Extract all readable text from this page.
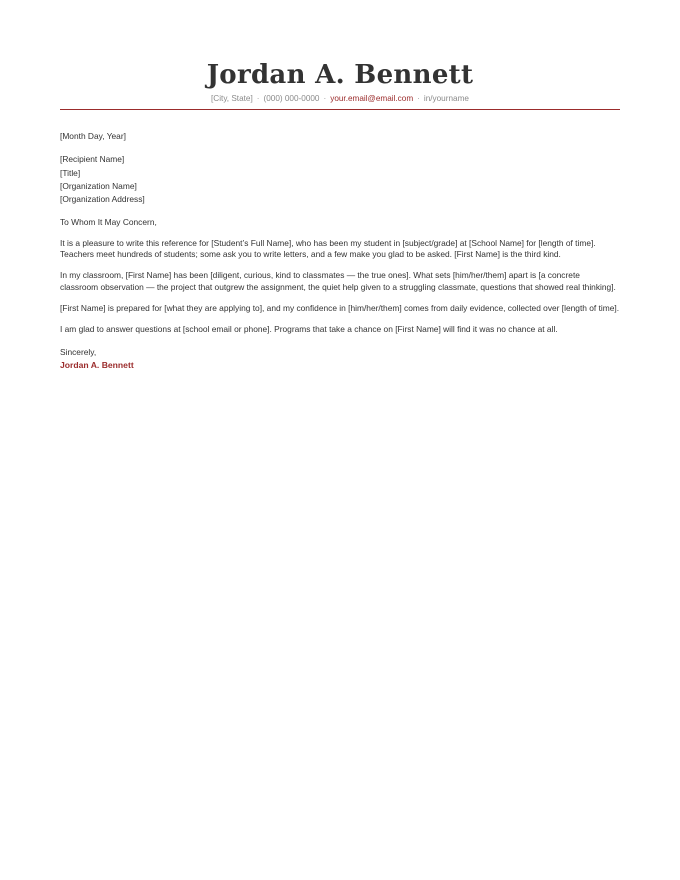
Jordan A. Bennett
[City, State] · (000) 000-0000 · your.email@email.com · in/yourname

[Month Day, Year]

[Recipient Name]
[Title]
[Organization Name]
[Organization Address]

To Whom It May Concern,

It is a pleasure to write this reference for [Student’s Full Name], who has been my student in [subject/grade] at [School Name] for [length of time]. Teachers meet hundreds of students; some ask you to write letters, and a few make you glad to be asked. [First Name] is the third kind.

In my classroom, [First Name] has been [diligent, curious, kind to classmates — the true ones]. What sets [him/her/them] apart is [a concrete classroom observation — the project that outgrew the assignment, the quiet help given to a struggling classmate, questions that showed real thinking].

[First Name] is prepared for [what they are applying to], and my confidence in [him/her/them] comes from daily evidence, collected over [length of time].

I am glad to answer questions at [school email or phone]. Programs that take a chance on [First Name] will find it was no chance at all.

Sincerely,

Jordan A. Bennett
